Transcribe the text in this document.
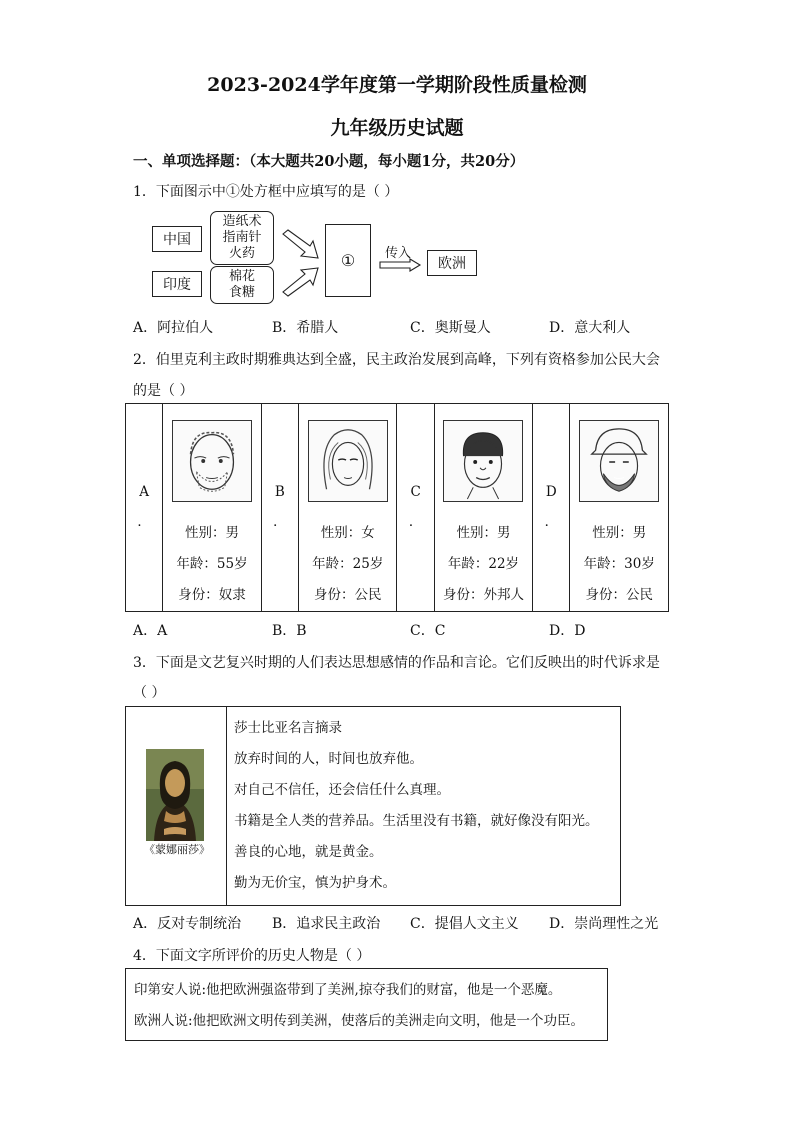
2023-2024学年度第一学期阶段性质量检测
九年级历史试题
一、单项选择题：（本大题共20小题，每小题1分，共20分）
1．下面图示中①处方框中应填写的是（ ）
中国
造纸术
指南针
火药
印度
棉花
食糖
①	传入
欧洲
A．阿拉伯人	B．希腊人	C．奥斯曼人	D．意大利人
2．伯里克利主政时期雅典达到全盛，民主政治发展到高峰，下列有资格参加公民大会
的是（ ）
A
．

性别：男
年龄：55岁
身份：奴隶

B
．

性别：女
年龄：25岁
身份：公民

C
．

性别：男
年龄：22岁
身份：外邦人

D
．

性别：男
年龄：30岁
身份：公民
A．A	B．B	C．C	D．D
3．下面是文艺复兴时期的人们表达思想感情的作品和言论。它们反映出的时代诉求是
（ ）
《蒙娜丽莎》
莎士比亚名言摘录
放弃时间的人，时间也放弃他。
对自己不信任，还会信任什么真理。
书籍是全人类的营养品。生活里没有书籍，就好像没有阳光。
善良的心地，就是黄金。
勤为无价宝，慎为护身术。
A．反对专制统治 B．追求民主政治 C．提倡人文主义 D．崇尚理性之光
4．下面文字所评价的历史人物是（ ）
印第安人说:他把欧洲强盗带到了美洲,掠夺我们的财富，他是一个恶魔。
欧洲人说:他把欧洲文明传到美洲，使落后的美洲走向文明，他是一个功臣。
